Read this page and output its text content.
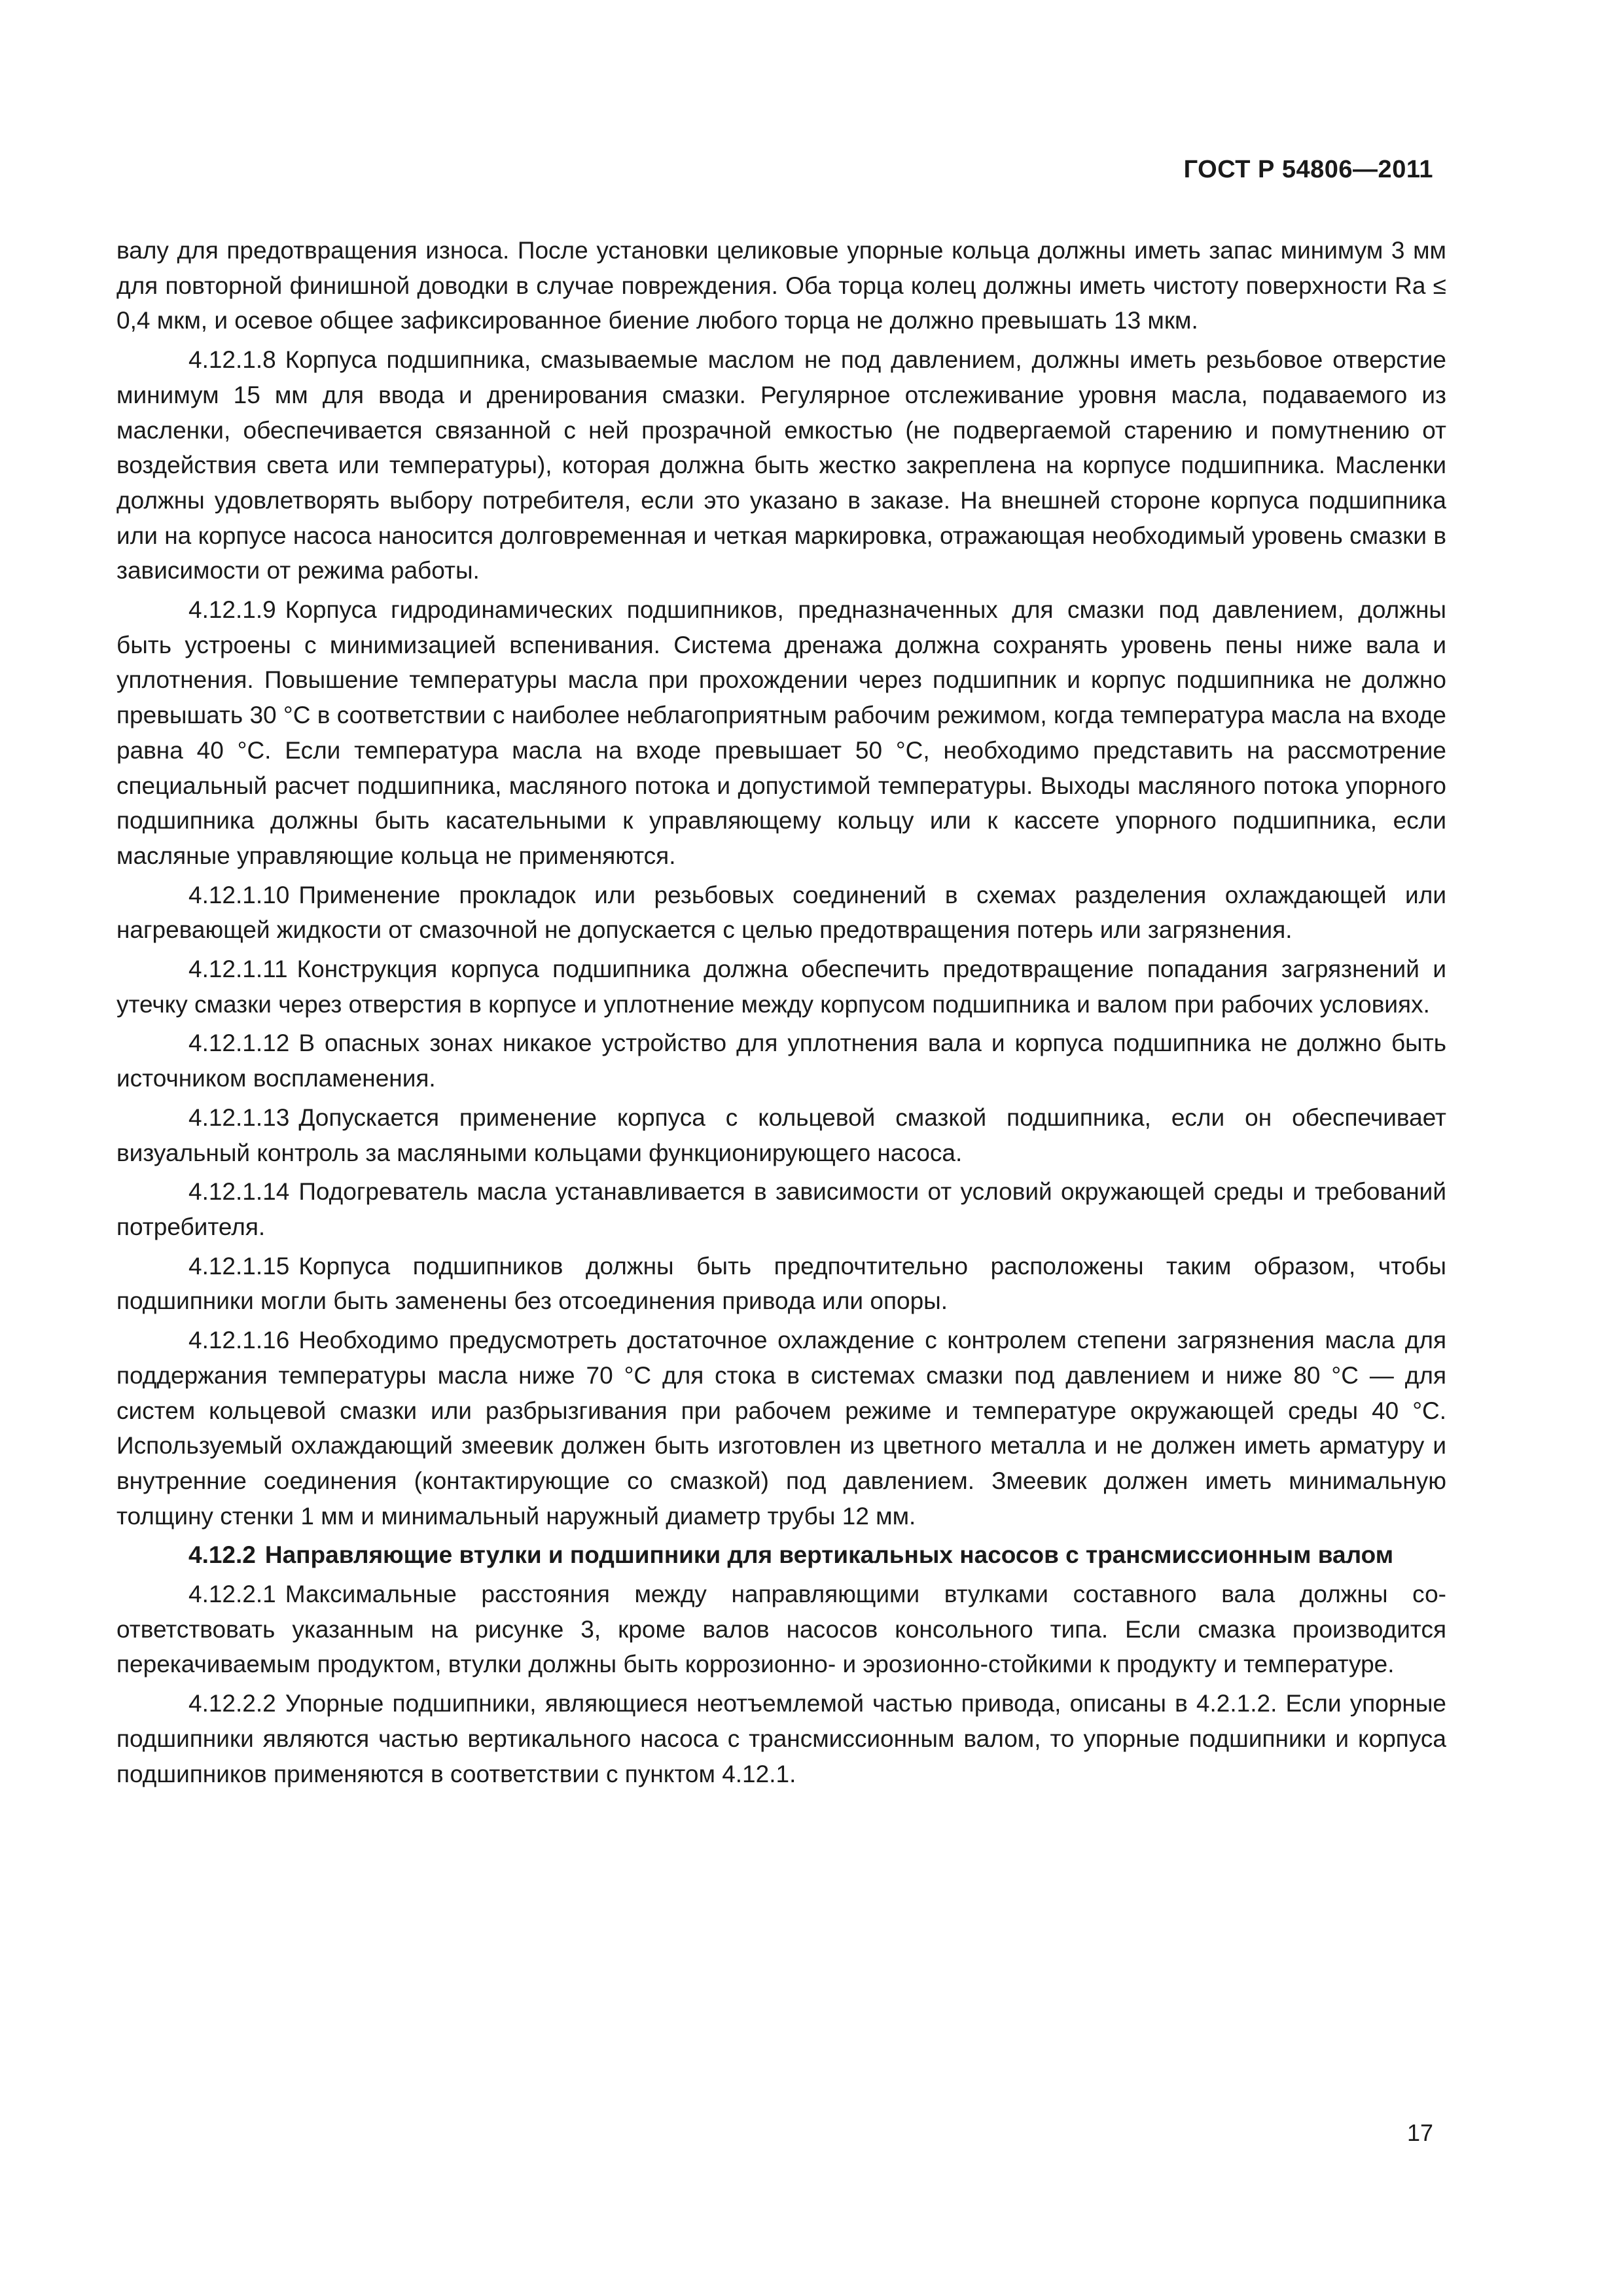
ГОСТ Р 54806—2011

валу для предотвращения износа. После установки целиковые упорные кольца должны иметь запас минимум 3 мм для повторной финишной доводки в случае повреждения. Оба торца колец должны иметь чистоту поверхности Ra ≤ 0,4 мкм, и осевое общее зафиксированное биение любого торца не должно превышать 13 мкм.

4.12.1.8 Корпуса подшипника, смазываемые маслом не под давлением, должны иметь резьбовое отверстие минимум 15 мм для ввода и дренирования смазки. Регулярное отслеживание уровня масла, подаваемого из масленки, обеспечивается связанной с ней прозрачной емкостью (не подвергаемой старению и помутнению от воздействия света или температуры), которая должна быть жестко закреплена на корпусе подшипника. Масленки должны удовлетворять выбору потребителя, если это указано в заказе. На внешней стороне корпуса подшипника или на корпусе насоса наносится долговременная и четкая маркировка, отражающая необходимый уровень смазки в зависимости от режима работы.

4.12.1.9 Корпуса гидродинамических подшипников, предназначенных для смазки под давлением, должны быть устроены с минимизацией вспенивания. Система дренажа должна сохранять уровень пены ниже вала и уплотнения. Повышение температуры масла при прохождении через подшипник и корпус подшипника не должно превышать 30 °С в соответствии с наиболее неблагоприятным рабочим режимом, когда температура масла на входе равна 40 °С. Если температура масла на входе превышает 50 °С, необходимо представить на рассмотрение специальный расчет подшипника, масляного потока и допустимой температуры. Выходы масляного потока упорного подшипника должны быть касательными к управляющему кольцу или к кассете упорного подшипника, если масляные управляющие кольца не применяются.

4.12.1.10 Применение прокладок или резьбовых соединений в схемах разделения охлаждающей или нагревающей жидкости от смазочной не допускается с целью предотвращения потерь или загрязнения.

4.12.1.11 Конструкция корпуса подшипника должна обеспечить предотвращение попадания загрязнений и утечку смазки через отверстия в корпусе и уплотнение между корпусом подшипника и валом при рабочих условиях.

4.12.1.12 В опасных зонах никакое устройство для уплотнения вала и корпуса подшипника не должно быть источником воспламенения.

4.12.1.13 Допускается применение корпуса с кольцевой смазкой подшипника, если он обеспечивает визуальный контроль за масляными кольцами функционирующего насоса.

4.12.1.14 Подогреватель масла устанавливается в зависимости от условий окружающей среды и требований потребителя.

4.12.1.15 Корпуса подшипников должны быть предпочтительно расположены таким образом, чтобы подшипники могли быть заменены без отсоединения привода или опоры.

4.12.1.16 Необходимо предусмотреть достаточное охлаждение с контролем степени загрязнения масла для поддержания температуры масла ниже 70 °С для стока в системах смазки под давлением и ниже 80 °С — для систем кольцевой смазки или разбрызгивания при рабочем режиме и температуре окружающей среды 40 °С. Используемый охлаждающий змеевик должен быть изготовлен из цветного металла и не должен иметь арматуру и внутренние соединения (контактирующие со смазкой) под давлением. Змеевик должен иметь минимальную толщину стенки 1 мм и минимальный наружный диаметр трубы 12 мм.

4.12.2 Направляющие втулки и подшипники для вертикальных насосов с трансмиссионным валом

4.12.2.1 Максимальные расстояния между направляющими втулками составного вала должны соответствовать указанным на рисунке 3, кроме валов насосов консольного типа. Если смазка производится перекачиваемым продуктом, втулки должны быть коррозионно- и эрозионно-стойкими к продукту и температуре.

4.12.2.2 Упорные подшипники, являющиеся неотъемлемой частью привода, описаны в 4.2.1.2. Если упорные подшипники являются частью вертикального насоса с трансмиссионным валом, то упорные подшипники и корпуса подшипников применяются в соответствии с пунктом 4.12.1.

17
